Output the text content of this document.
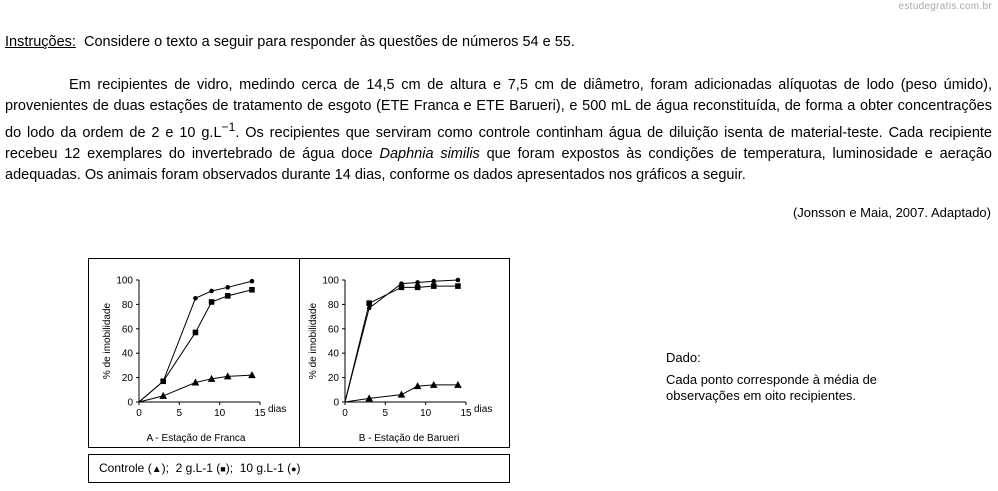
estudegratis.com.br
Instruções:  Considere o texto a seguir para responder às questões de números 54 e 55.

Em recipientes de vidro, medindo cerca de 14,5 cm de altura e 7,5 cm de diâmetro, foram adicionadas alíquotas de lodo (peso úmido), provenientes de duas estações de tratamento de esgoto (ETE Franca e ETE Barueri), e 500 mL de água reconstituída, de forma a obter concentrações do lodo da ordem de 2 e 10 $g.L^{-1}$. Os recipientes que serviram como controle continham água de diluição isenta de material-teste. Cada recipiente recebeu 12 exemplares do invertebrado de água doce Daphnia similis que foram expostos às condições de temperatura, luminosidade e aeração adequadas. Os animais foram observados durante 14 dias, conforme os dados apresentados nos gráficos a seguir.

(Jonsson e Maia, 2007. Adaptado)
0
20
40
60
80
100
0	5	10	15 dias
% de imobilidade
A - Estação de Franca
0
20
40
60
80
100
0	5	10	15 dias
% de imobilidade
B - Estação de Barueri
Controle (▲);  2 g.L-1 (■);  10 g.L-1 (●)
Dado:
Cada ponto corresponde à média de observações em oito recipientes.
